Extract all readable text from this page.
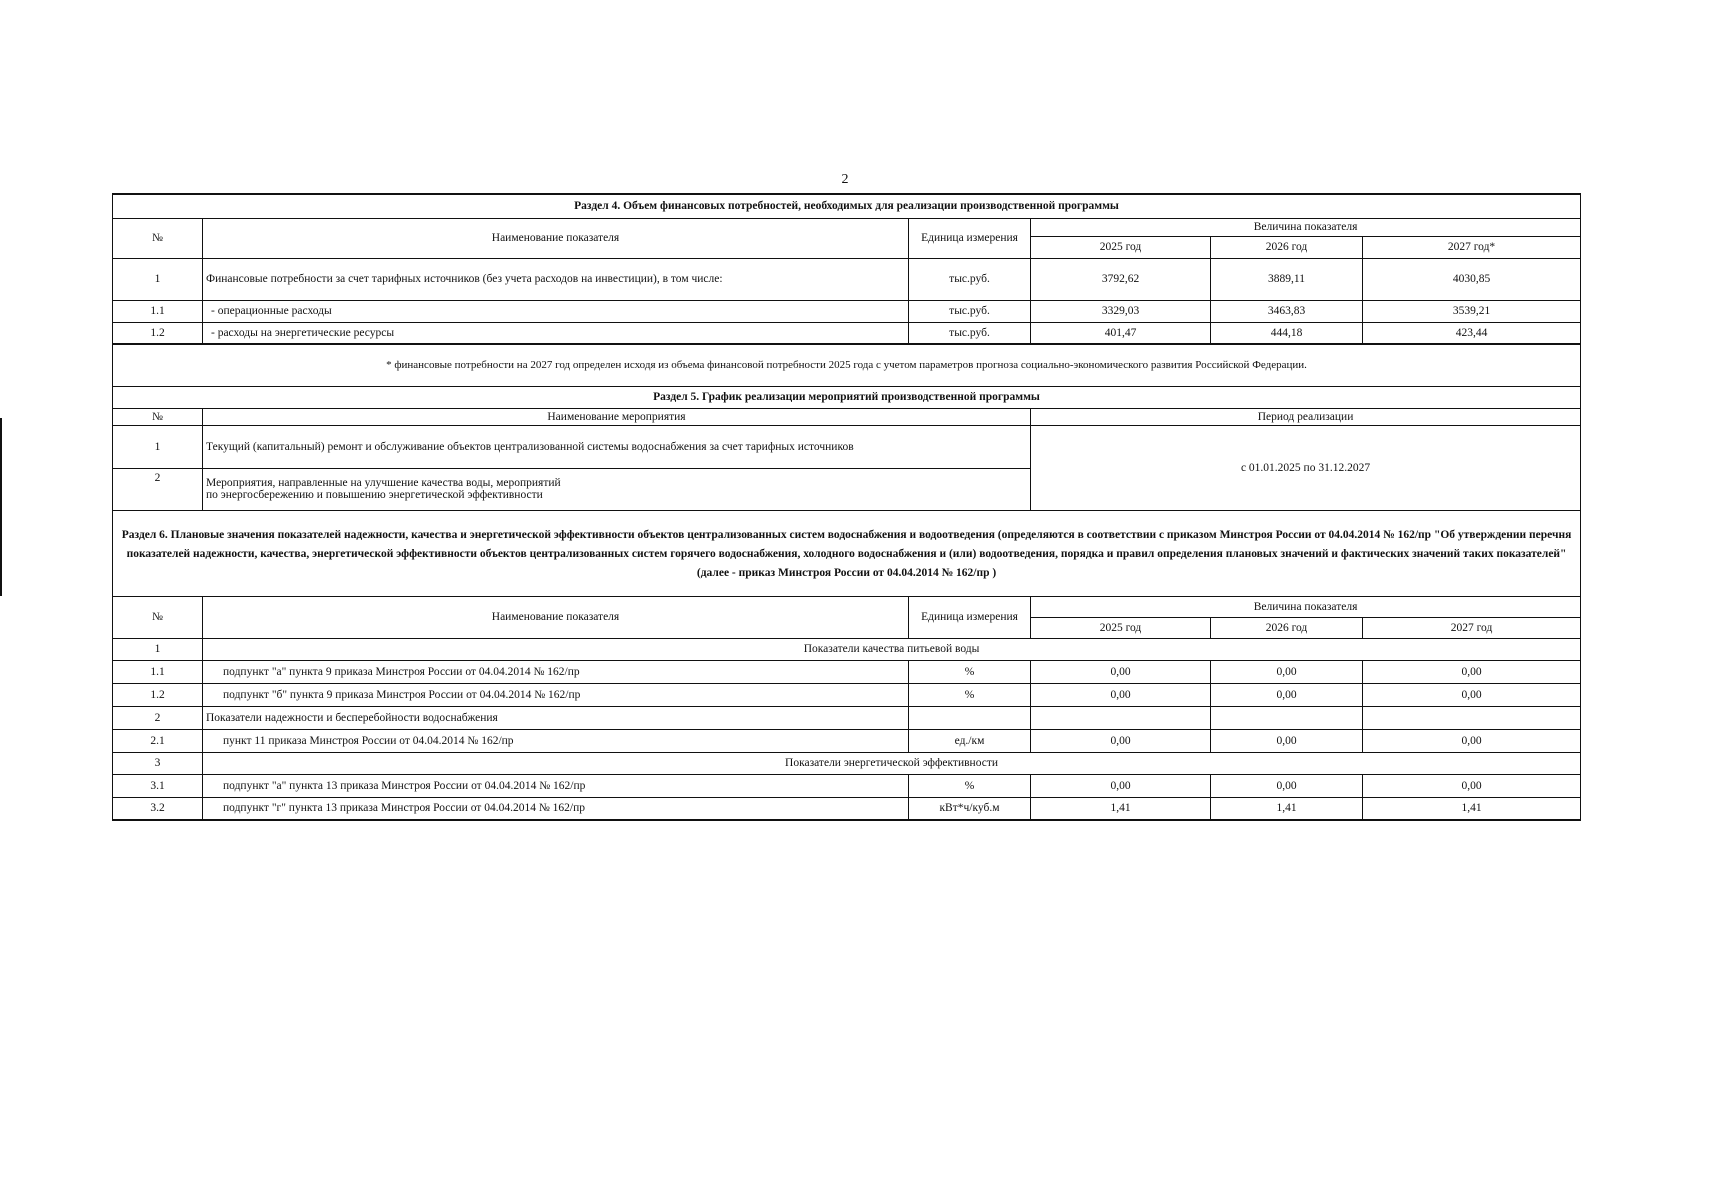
2
Раздел 4. Объем финансовых потребностей, необходимых для реализации производственной программы					
№	Наименование показателя	Единица измерения	Величина показателя		
			2025 год	2026 год	2027 год*
1	Финансовые потребности за счет тарифных источников (без учета расходов на инвестиции), в том числе:	тыс.руб.	3792,62	3889,11	4030,85
1.1	- операционные расходы	тыс.руб.	3329,03	3463,83	3539,21
1.2	- расходы на энергетические ресурсы	тыс.руб.	401,47	444,18	423,44
* финансовые потребности на 2027 год определен исходя из объема финансовой потребности 2025 года с учетом параметров прогноза социально-экономического развития Российской Федерации.					
Раздел 5. График реализации мероприятий производственной программы					
№	Наименование мероприятия		Период реализации		
1	Текущий (капитальный) ремонт и обслуживание объектов централизованной системы водоснабжения за счет тарифных источников		с 01.01.2025 по 31.12.2027		
2	Мероприятия, направленные на улучшение качества воды, мероприятий
по энергосбережению и повышению энергетической эффективности				

Раздел 6. Плановые значения показателей надежности, качества и энергетической эффективности объектов централизованных систем водоснабжения и водоотведения (определяются в соответствии с приказом Минстроя России от 04.04.2014 № 162/пр "Об утверждении перечня показателей надежности, качества, энергетической эффективности объектов централизованных систем горячего водоснабжения, холодного водоснабжения и (или) водоотведения, порядка и правил определения плановых значений и фактических значений таких показателей" (далее - приказ Минстроя России от 04.04.2014 № 162/пр )					
№	Наименование показателя	Единица измерения	Величина показателя		
			2025 год	2026 год	2027 год
1	Показатели качества питьевой воды				
1.1	подпункт "а" пункта 9 приказа Минстроя России от 04.04.2014 № 162/пр	%	0,00	0,00	0,00
1.2	подпункт "б" пункта 9 приказа Минстроя России от 04.04.2014 № 162/пр	%	0,00	0,00	0,00
2	Показатели надежности и бесперебойности водоснабжения				
2.1	пункт 11 приказа Минстроя России от 04.04.2014 № 162/пр	ед./км	0,00	0,00	0,00
3	Показатели энергетической эффективности				
3.1	подпункт "а" пункта 13 приказа Минстроя России от 04.04.2014 № 162/пр	%	0,00	0,00	0,00
3.2	подпункт "г" пункта 13 приказа Минстроя России от 04.04.2014 № 162/пр	кВт*ч/куб.м	1,41	1,41	1,41
